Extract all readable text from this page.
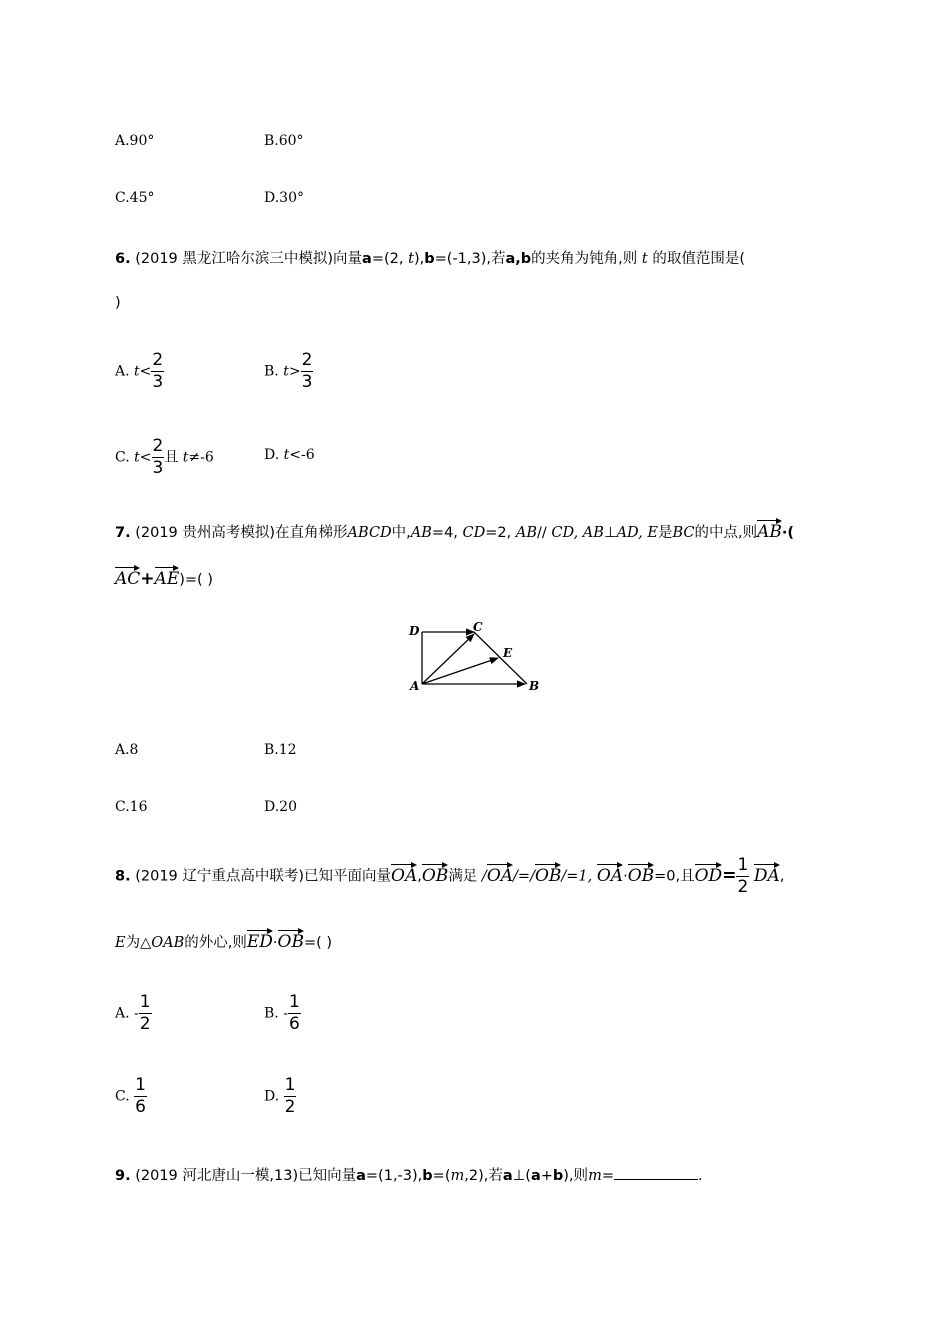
A.90°	B.60°
C.45°	D.30°
6. (2019 黑龙江哈尔滨三中模拟)向量a=(2, t),b=(-1,3),若a,b的夹角为钝角,则 t 的取值范围是(
)
A. $t< \frac{2}{3}$	B. $t> \frac{2}{3}$
C. $t< \frac{2}{3}$ 且 t≠-6	D. t<-6
7. (2019 贵州高考模拟)在直角梯形ABCD中,AB=4, CD=2, AB// CD, AB⊥AD, E是BC的中点,则
AB·(
AC+
AE)=( )
D	C
E
A	B
A.8	B.12
C.16	D.20
8. (2019 辽宁重点高中联考)已知平面向量
OA,
OB满足 /
OA/=/
OB/=1, OA·
OB=0,且
$OD= \frac{1}{2}$
DA,
E为△OAB的外心,则
ED·
OB=( )
A. - $\frac{1}{2}$	B. - $\frac{1}{6}$
C. $\frac{1}{6}$	D. $\frac{1}{2}$
9. (2019 河北唐山一模,13)已知向量a=(1,-3),b=(m,2),若a⊥(a+b),则m=	.
